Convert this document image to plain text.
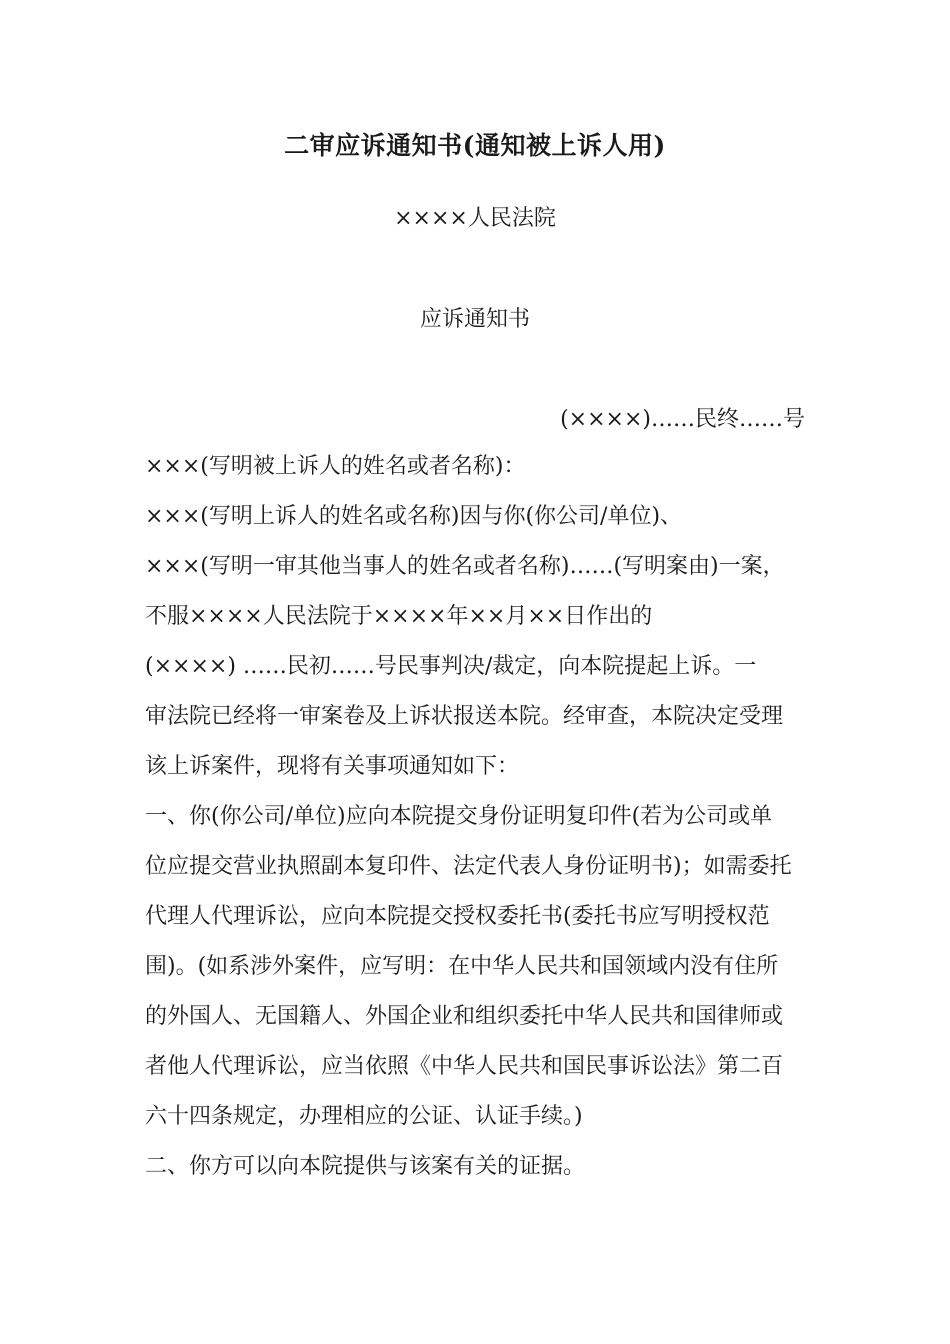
二审应诉通知书(通知被上诉人用)
××××人民法院
应诉通知书
(××××)……民终……号
×××(写明被上诉人的姓名或者名称)：
×××(写明上诉人的姓名或名称)因与你(你公司/单位)、
×××(写明一审其他当事人的姓名或者名称)……(写明案由)一案，
不服××××人民法院于××××年××月××日作出的
(××××) ……民初……号民事判决/裁定，向本院提起上诉。一
审法院已经将一审案卷及上诉状报送本院。经审查，本院决定受理
该上诉案件，现将有关事项通知如下：
一、你(你公司/单位)应向本院提交身份证明复印件(若为公司或单
位应提交营业执照副本复印件、法定代表人身份证明书)；如需委托
代理人代理诉讼，应向本院提交授权委托书(委托书应写明授权范
围)。(如系涉外案件，应写明：在中华人民共和国领域内没有住所
的外国人、无国籍人、外国企业和组织委托中华人民共和国律师或
者他人代理诉讼，应当依照《中华人民共和国民事诉讼法》第二百
六十四条规定，办理相应的公证、认证手续。)
二、你方可以向本院提供与该案有关的证据。
